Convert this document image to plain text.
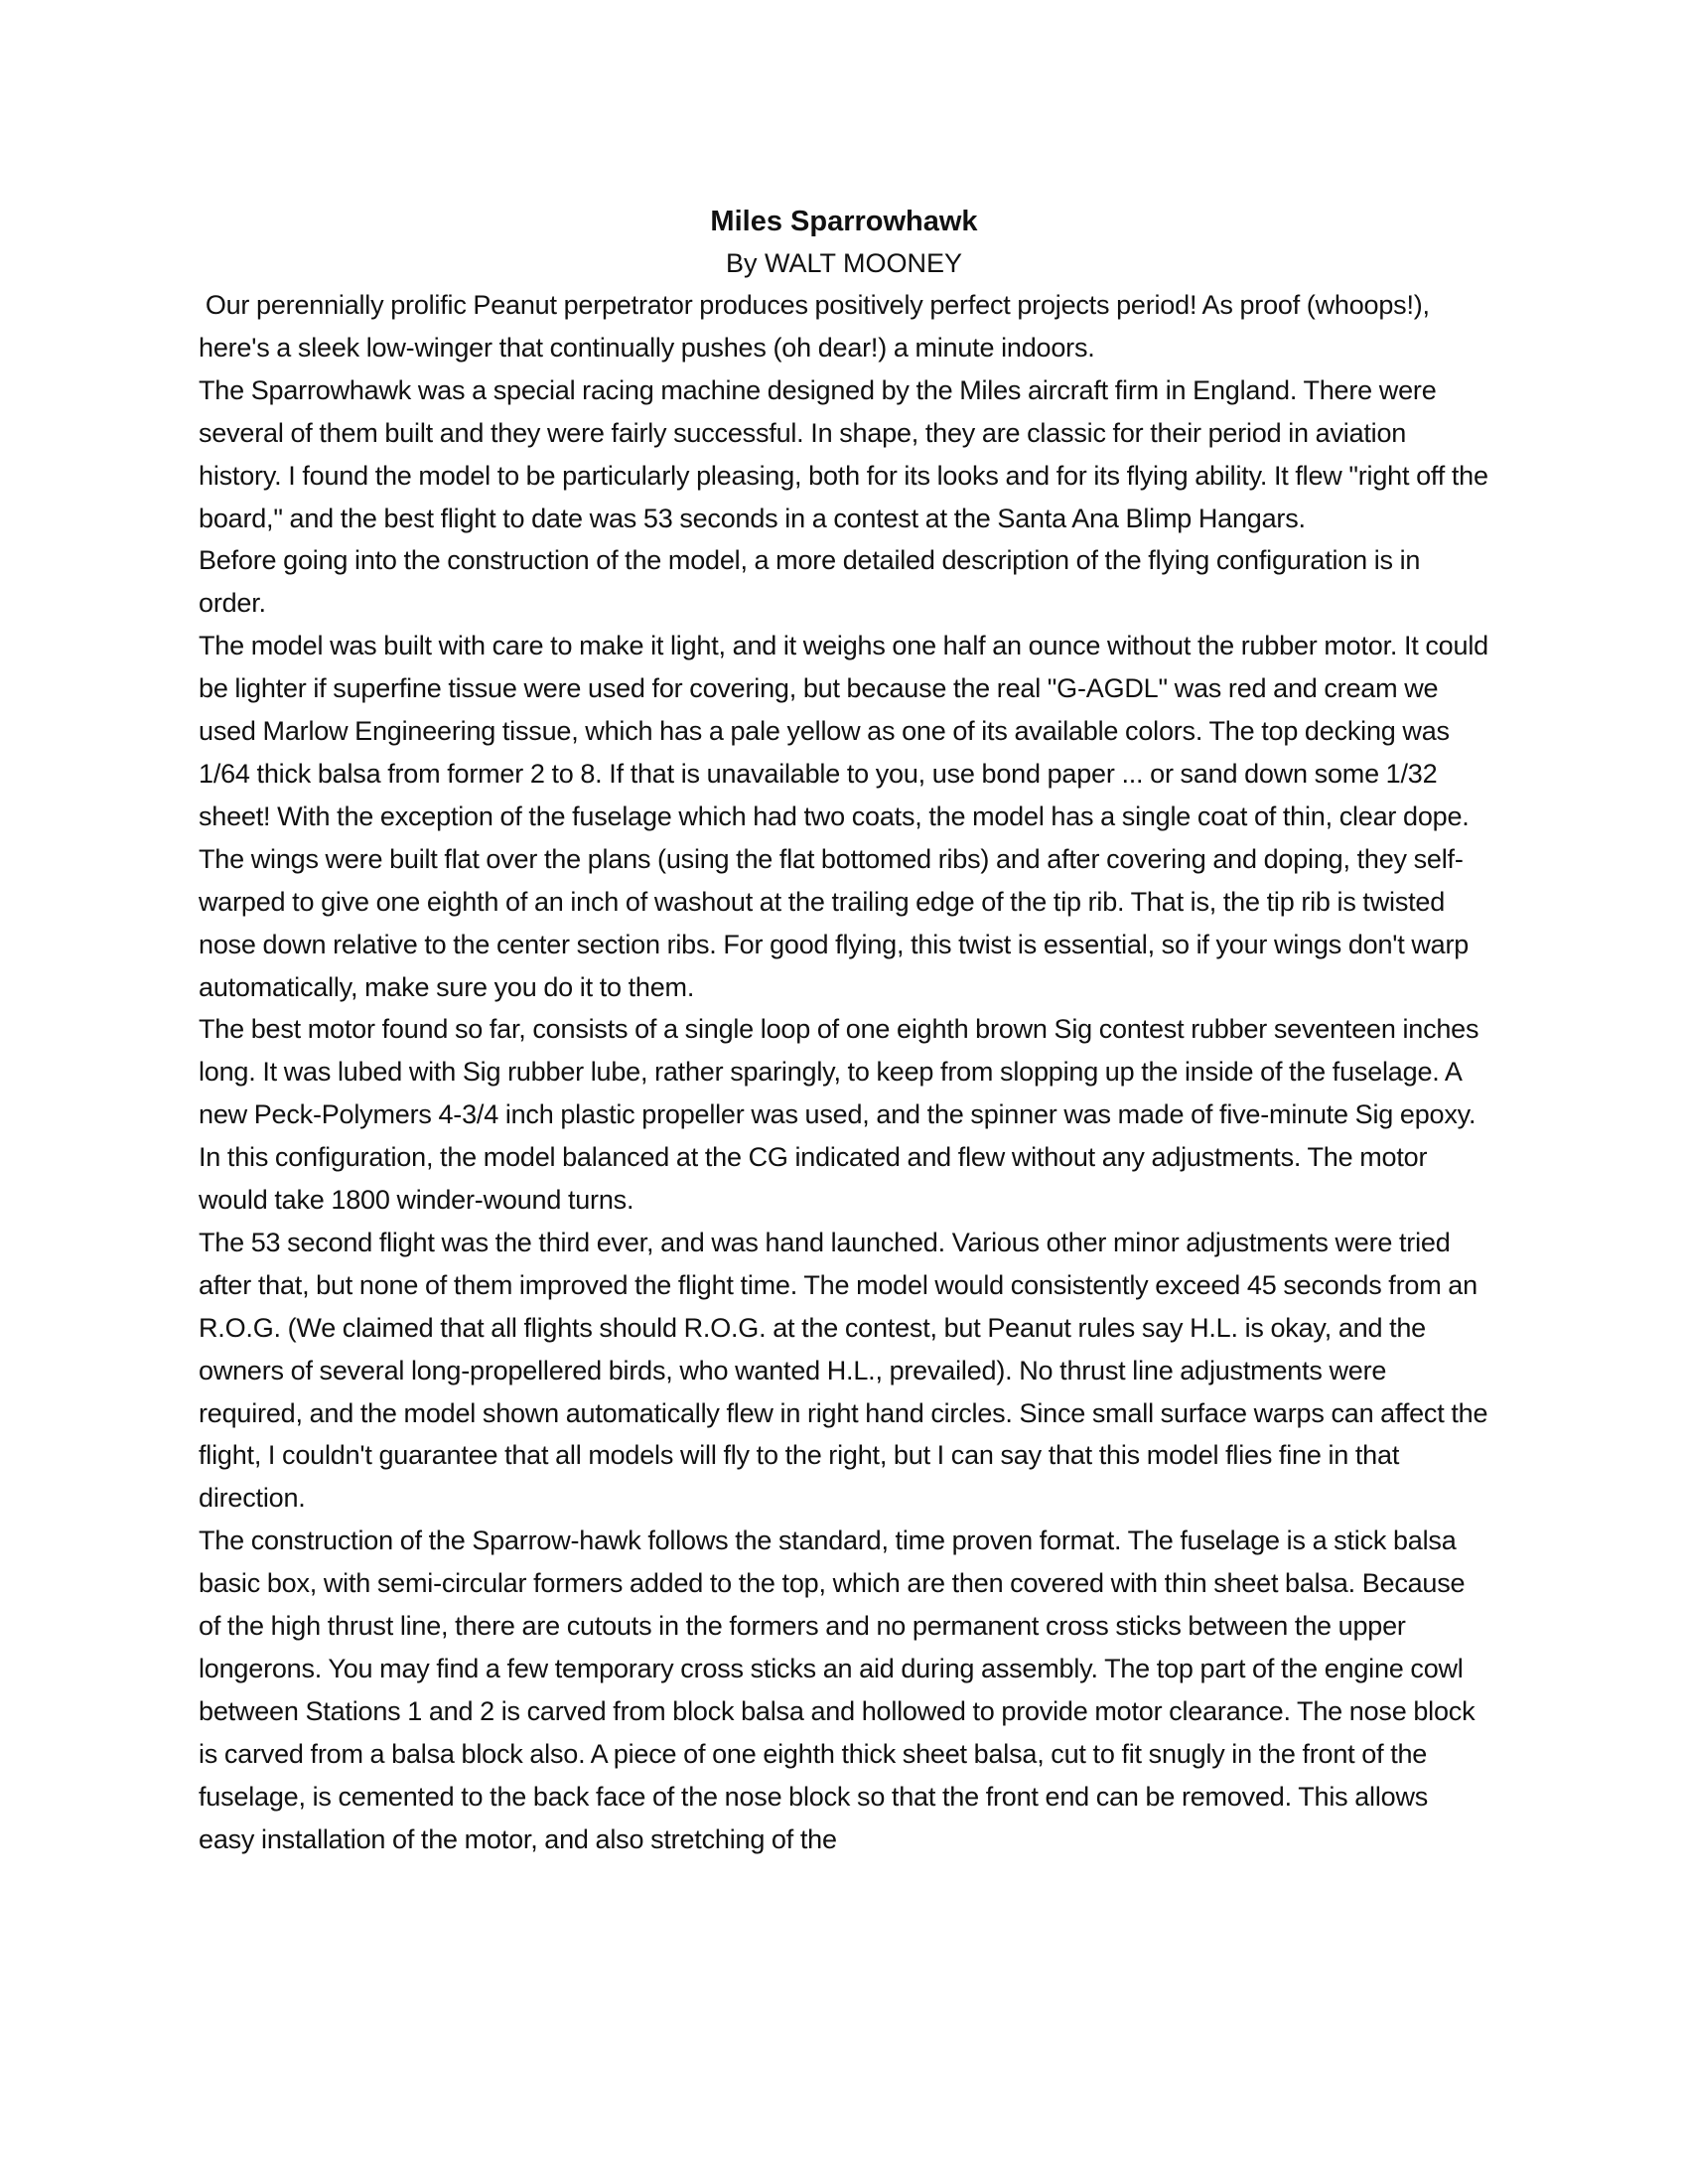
Miles Sparrowhawk
By WALT MOONEY

Our perennially prolific Peanut perpetrator produces positively perfect projects period! As proof (whoops!), here's a sleek low-winger that continually pushes (oh dear!) a minute indoors.

The Sparrowhawk was a special racing machine designed by the Miles aircraft firm in England. There were several of them built and they were fairly successful. In shape, they are classic for their period in aviation history. I found the model to be particularly pleasing, both for its looks and for its flying ability. It flew "right off the board," and the best flight to date was 53 seconds in a contest at the Santa Ana Blimp Hangars.

Before going into the construction of the model, a more detailed description of the flying configuration is in order.

The model was built with care to make it light, and it weighs one half an ounce without the rubber motor. It could be lighter if superfine tissue were used for covering, but because the real "G-AGDL" was red and cream we used Marlow Engineering tissue, which has a pale yellow as one of its available colors. The top decking was 1/64 thick balsa from former 2 to 8. If that is unavailable to you, use bond paper ... or sand down some 1/32 sheet! With the exception of the fuselage which had two coats, the model has a single coat of thin, clear dope.

The wings were built flat over the plans (using the flat bottomed ribs) and after covering and doping, they self-warped to give one eighth of an inch of washout at the trailing edge of the tip rib. That is, the tip rib is twisted nose down relative to the center section ribs. For good flying, this twist is essential, so if your wings don't warp automatically, make sure you do it to them.

The best motor found so far, consists of a single loop of one eighth brown Sig contest rubber seventeen inches long. It was lubed with Sig rubber lube, rather sparingly, to keep from slopping up the inside of the fuselage. A new Peck-Polymers 4-3/4 inch plastic propeller was used, and the spinner was made of five-minute Sig epoxy. In this configuration, the model balanced at the CG indicated and flew without any adjustments. The motor would take 1800 winder-wound turns.

The 53 second flight was the third ever, and was hand launched. Various other minor adjustments were tried after that, but none of them improved the flight time. The model would consistently exceed 45 seconds from an R.O.G. (We claimed that all flights should R.O.G. at the contest, but Peanut rules say H.L. is okay, and the owners of several long-propellered birds, who wanted H.L., prevailed). No thrust line adjustments were required, and the model shown automatically flew in right hand circles. Since small surface warps can affect the flight, I couldn't guarantee that all models will fly to the right, but I can say that this model flies fine in that direction.

The construction of the Sparrow-hawk follows the standard, time proven format. The fuselage is a stick balsa basic box, with semi-circular formers added to the top, which are then covered with thin sheet balsa. Because of the high thrust line, there are cutouts in the formers and no permanent cross sticks between the upper longerons. You may find a few temporary cross sticks an aid during assembly. The top part of the engine cowl between Stations 1 and 2 is carved from block balsa and hollowed to provide motor clearance. The nose block is carved from a balsa block also. A piece of one eighth thick sheet balsa, cut to fit snugly in the front of the fuselage, is cemented to the back face of the nose block so that the front end can be removed. This allows easy installation of the motor, and also stretching of the
